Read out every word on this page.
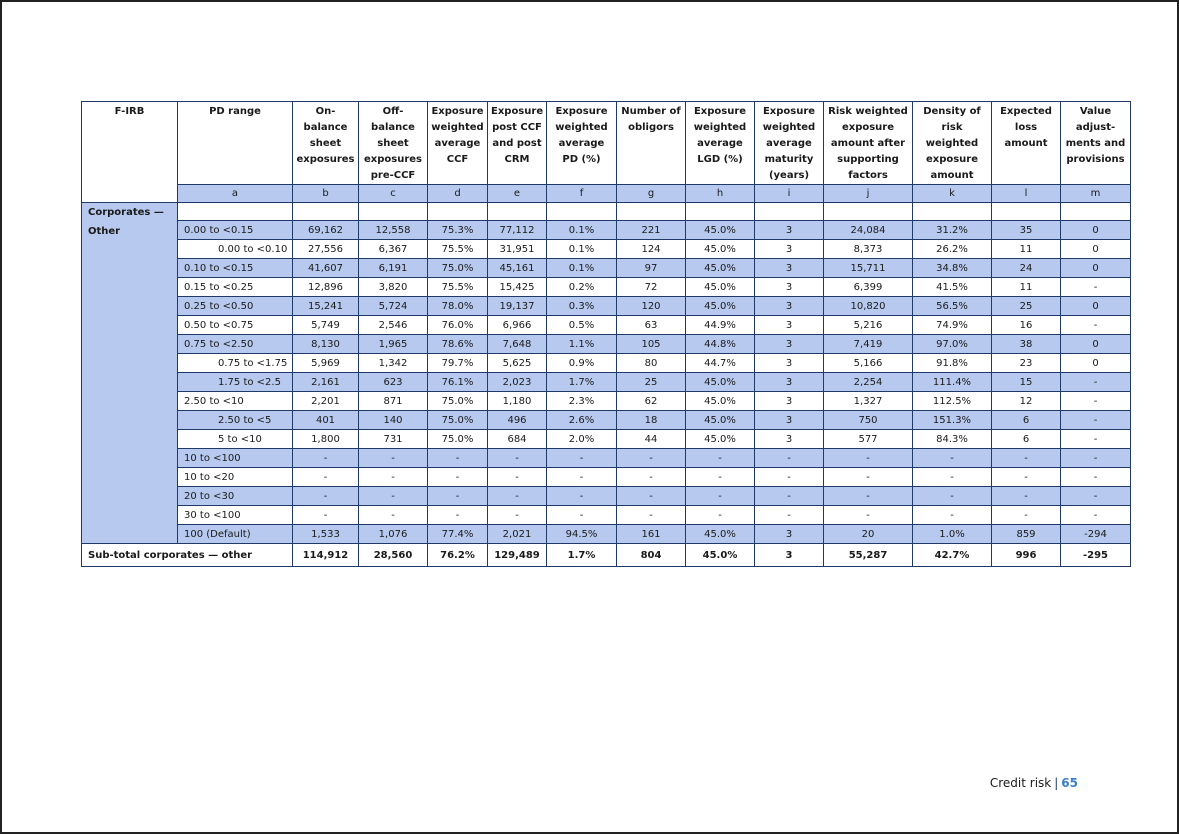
F-IRB	PD range	On-balance sheet exposures	Off-balance sheet exposures pre-CCF	Exposure weighted average CCF	Exposure post CCF and post CRM	Exposure weighted average PD (%)	Number of obligors	Exposure weighted average LGD (%)	Exposure weighted average maturity (years)	Risk weighted exposure amount after supporting factors	Density of risk weighted exposure amount	Expected loss amount	Value adjust-ments and provisions
	a	b	c	d	e	f	g	h	i	j	k	l	m
Corporates — Other													
	0.00 to <0.15	69,162	12,558	75.3%	77,112	0.1%	221	45.0%	3	24,084	31.2%	35	0
	0.00 to <0.10	27,556	6,367	75.5%	31,951	0.1%	124	45.0%	3	8,373	26.2%	11	0
	0.10 to <0.15	41,607	6,191	75.0%	45,161	0.1%	97	45.0%	3	15,711	34.8%	24	0
	0.15 to <0.25	12,896	3,820	75.5%	15,425	0.2%	72	45.0%	3	6,399	41.5%	11	-
	0.25 to <0.50	15,241	5,724	78.0%	19,137	0.3%	120	45.0%	3	10,820	56.5%	25	0
	0.50 to <0.75	5,749	2,546	76.0%	6,966	0.5%	63	44.9%	3	5,216	74.9%	16	-
	0.75 to <2.50	8,130	1,965	78.6%	7,648	1.1%	105	44.8%	3	7,419	97.0%	38	0
	0.75 to <1.75	5,969	1,342	79.7%	5,625	0.9%	80	44.7%	3	5,166	91.8%	23	0
	1.75 to <2.5	2,161	623	76.1%	2,023	1.7%	25	45.0%	3	2,254	111.4%	15	-
	2.50 to <10	2,201	871	75.0%	1,180	2.3%	62	45.0%	3	1,327	112.5%	12	-
	2.50 to <5	401	140	75.0%	496	2.6%	18	45.0%	3	750	151.3%	6	-
	5 to <10	1,800	731	75.0%	684	2.0%	44	45.0%	3	577	84.3%	6	-
	10 to <100	-	-	-	-	-	-	-	-	-	-	-	-
	10 to <20	-	-	-	-	-	-	-	-	-	-	-	-
	20 to <30	-	-	-	-	-	-	-	-	-	-	-	-
	30 to <100	-	-	-	-	-	-	-	-	-	-	-	-
	100 (Default)	1,533	1,076	77.4%	2,021	94.5%	161	45.0%	3	20	1.0%	859	-294
Sub-total corporates — other		114,912	28,560	76.2%	129,489	1.7%	804	45.0%	3	55,287	42.7%	996	-295
Credit risk | 65
